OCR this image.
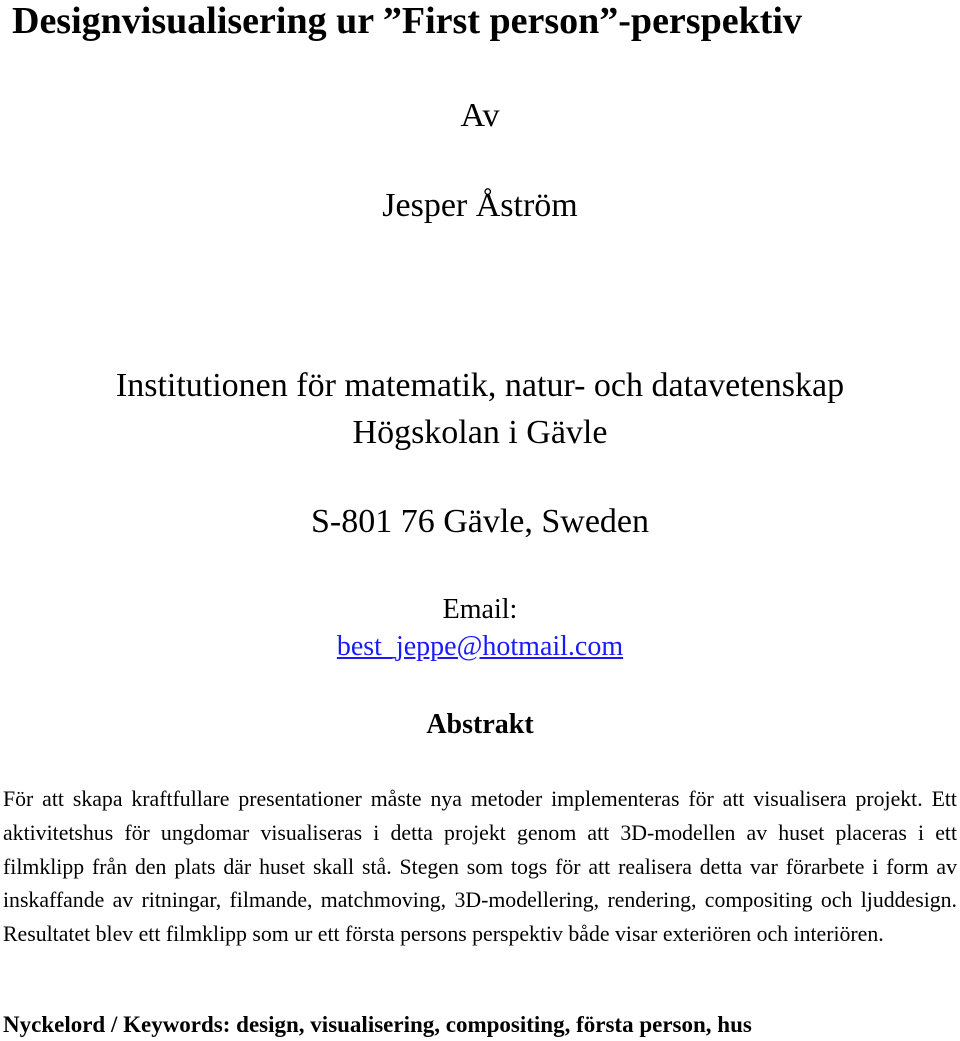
Designvisualisering ur ”First person”-perspektiv

Av

Jesper Åström

Institutionen för matematik, natur- och datavetenskap

Högskolan i Gävle

S-801 76 Gävle, Sweden

Email:

best_jeppe@hotmail.com

Abstrakt

För att skapa kraftfullare presentationer måste nya metoder implementeras för att visualisera projekt. Ett aktivitetshus för ungdomar visualiseras i detta projekt genom att 3D-modellen av huset placeras i ett filmklipp från den plats där huset skall stå. Stegen som togs för att realisera detta var förarbete i form av inskaffande av ritningar, filmande, matchmoving, 3D-modellering, rendering, compositing och ljuddesign. Resultatet blev ett filmklipp som ur ett första persons perspektiv både visar exteriören och interiören.

Nyckelord / Keywords: design, visualisering, compositing, första person, hus
